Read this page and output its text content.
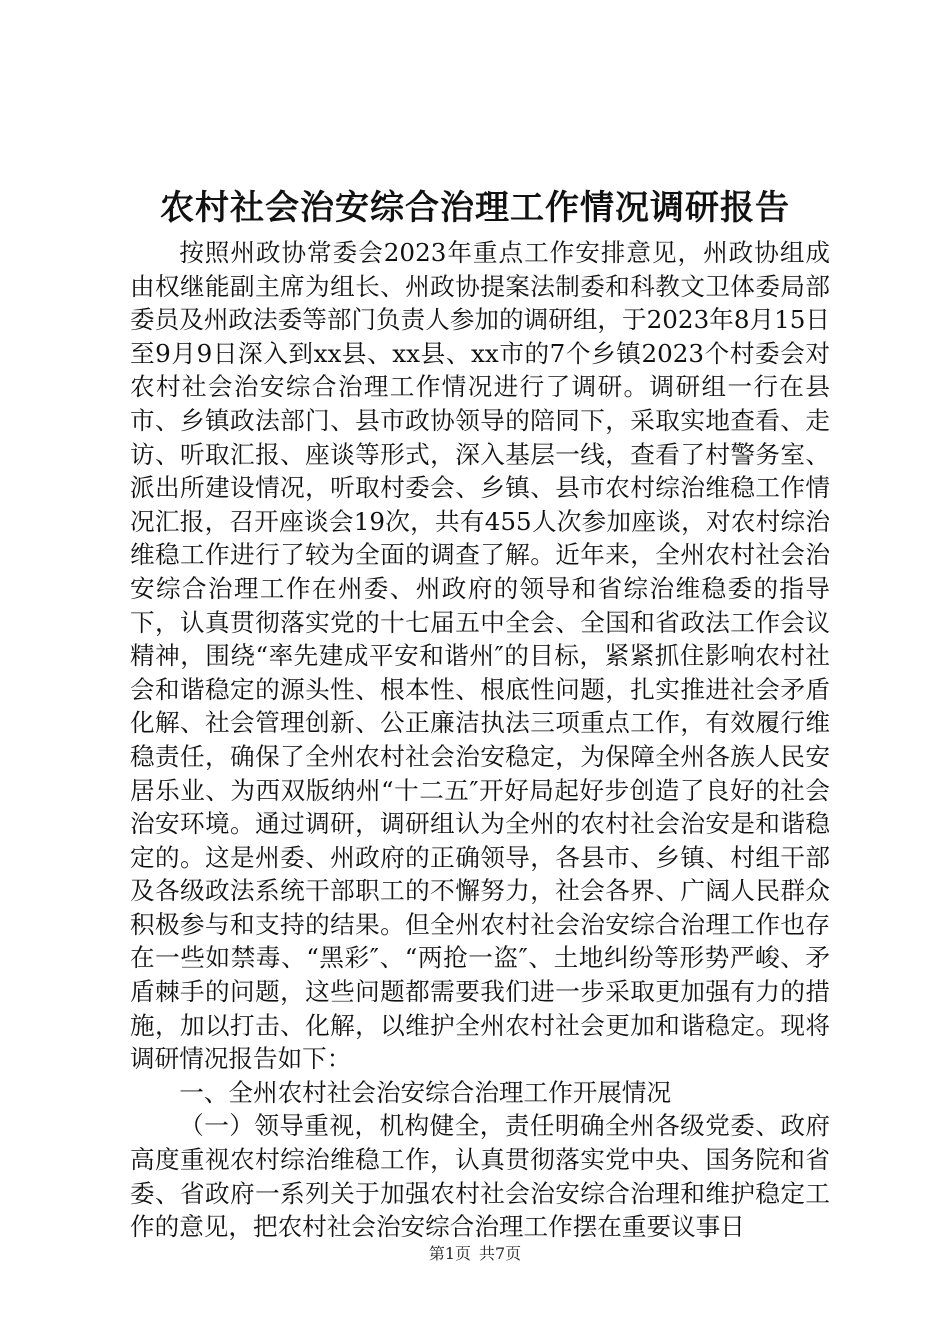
农村社会治安综合治理工作情况调研报告

按照州政协常委会2023年重点工作安排意见，州政协组成由权继能副主席为组长、州政协提案法制委和科教文卫体委局部委员及州政法委等部门负责人参加的调研组，于2023年8月15日至9月9日深入到xx县、xx县、xx市的7个乡镇2023个村委会对农村社会治安综合治理工作情况进行了调研。调研组一行在县市、乡镇政法部门、县市政协领导的陪同下，采取实地查看、走访、听取汇报、座谈等形式，深入基层一线，查看了村警务室、派出所建设情况，听取村委会、乡镇、县市农村综治维稳工作情况汇报，召开座谈会19次，共有455人次参加座谈，对农村综治维稳工作进行了较为全面的调查了解。近年来，全州农村社会治安综合治理工作在州委、州政府的领导和省综治维稳委的指导下，认真贯彻落实党的十七届五中全会、全国和省政法工作会议精神，围绕“率先建成平安和谐州″的目标，紧紧抓住影响农村社会和谐稳定的源头性、根本性、根底性问题，扎实推进社会矛盾化解、社会管理创新、公正廉洁执法三项重点工作，有效履行维稳责任，确保了全州农村社会治安稳定，为保障全州各族人民安居乐业、为西双版纳州“十二五″开好局起好步创造了良好的社会治安环境。通过调研，调研组认为全州的农村社会治安是和谐稳定的。这是州委、州政府的正确领导，各县市、乡镇、村组干部及各级政法系统干部职工的不懈努力，社会各界、广阔人民群众积极参与和支持的结果。但全州农村社会治安综合治理工作也存在一些如禁毒、“黑彩″、“两抢一盗″、土地纠纷等形势严峻、矛盾棘手的问题，这些问题都需要我们进一步采取更加强有力的措施，加以打击、化解，以维护全州农村社会更加和谐稳定。现将调研情况报告如下：

一、全州农村社会治安综合治理工作开展情况

（一）领导重视，机构健全，责任明确全州各级党委、政府高度重视农村综治维稳工作，认真贯彻落实党中央、国务院和省委、省政府一系列关于加强农村社会治安综合治理和维护稳定工作的意见，把农村社会治安综合治理工作摆在重要议事日

第1页 共7页
